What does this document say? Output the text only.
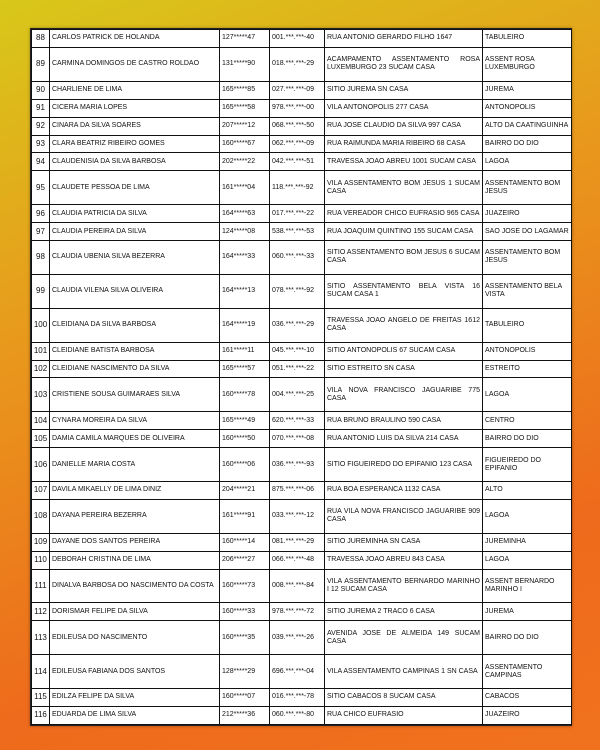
88	CARLOS PATRICK DE HOLANDA	127*****47	001.***.***-40	RUA ANTONIO GERARDO FILHO 1647	TABULEIRO
89	CARMINA DOMINGOS DE CASTRO ROLDAO	131*****90	018.***.***-29	ACAMPAMENTO ASSENTAMENTO ROSA LUXEMBURGO 23 SUCAM CASA	ASSENT ROSA LUXEMBURGO
90	CHARLIENE DE LIMA	165*****85	027.***.***-09	SITIO JUREMA SN CASA	JUREMA
91	CICERA MARIA LOPES	165*****58	978.***.***-00	VILA ANTONOPOLIS 277 CASA	ANTONOPOLIS
92	CINARA DA SILVA SOARES	207*****12	068.***.***-50	RUA JOSE CLAUDIO DA SILVA 997 CASA	ALTO DA CAATINGUINHA
93	CLARA BEATRIZ RIBEIRO GOMES	160*****67	062.***.***-09	RUA RAIMUNDA MARIA RIBEIRO 68 CASA	BAIRRO DO DIO
94	CLAUDENISIA DA SILVA BARBOSA	202*****22	042.***.***-51	TRAVESSA JOAO ABREU 1001 SUCAM CASA	LAGOA
95	CLAUDETE PESSOA DE LIMA	161*****04	118.***.***-92	VILA ASSENTAMENTO BOM JESUS 1 SUCAM CASA	ASSENTAMENTO BOM JESUS
96	CLAUDIA PATRICIA DA SILVA	164*****63	017.***.***-22	RUA VEREADOR CHICO EUFRASIO 965 CASA	JUAZEIRO
97	CLAUDIA PEREIRA DA SILVA	124*****08	538.***.***-53	RUA JOAQUIM QUINTINO 155 SUCAM CASA	SAO JOSE DO LAGAMAR
98	CLAUDIA UBENIA SILVA BEZERRA	164*****33	060.***.***-33	SITIO ASSENTAMENTO BOM JESUS 6 SUCAM CASA	ASSENTAMENTO BOM JESUS
99	CLAUDIA VILENA SILVA OLIVEIRA	164*****13	078.***.***-92	SITIO ASSENTAMENTO BELA VISTA 16 SUCAM CASA 1	ASSENTAMENTO BELA VISTA
100	CLEIDIANA DA SILVA BARBOSA	164*****19	036.***.***-29	TRAVESSA JOAO ANGELO DE FREITAS 1612 CASA	TABULEIRO
101	CLEIDIANE BATISTA BARBOSA	161*****11	045.***.***-10	SITIO ANTONOPOLIS 67 SUCAM CASA	ANTONOPOLIS
102	CLEIDIANE NASCIMENTO DA SILVA	165*****57	051.***.***-22	SITIO ESTREITO SN CASA	ESTREITO
103	CRISTIENE SOUSA GUIMARAES SILVA	160*****78	004.***.***-25	VILA NOVA FRANCISCO JAGUARIBE 775 CASA	LAGOA
104	CYNARA MOREIRA DA SILVA	165*****49	620.***.***-33	RUA BRUNO BRAULINO 590 CASA	CENTRO
105	DAMIA CAMILA MARQUES DE OLIVEIRA	160*****50	070.***.***-08	RUA ANTONIO LUIS DA SILVA 214 CASA	BAIRRO DO DIO
106	DANIELLE MARIA COSTA	160*****06	036.***.***-93	SITIO FIGUEIREDO DO EPIFANIO 123 CASA	FIGUEIREDO DO EPIFANIO
107	DAVILA MIKAELLY DE LIMA DINIZ	204*****21	875.***.***-06	RUA BOA ESPERANCA 1132 CASA	ALTO
108	DAYANA PEREIRA BEZERRA	161*****91	033.***.***-12	RUA VILA NOVA FRANCISCO JAGUARIBE 909 CASA	LAGOA
109	DAYANE DOS SANTOS PEREIRA	160*****14	081.***.***-29	SITIO JUREMINHA SN CASA	JUREMINHA
110	DEBORAH CRISTINA DE LIMA	206*****27	066.***.***-48	TRAVESSA JOAO ABREU 843 CASA	LAGOA
111	DINALVA BARBOSA DO NASCIMENTO DA COSTA	160*****73	008.***.***-84	VILA ASSENTAMENTO BERNARDO MARINHO I 12 SUCAM CASA	ASSENT BERNARDO MARINHO I
112	DORISMAR FELIPE DA SILVA	160*****33	978.***.***-72	SITIO JUREMA 2 TRACO 6 CASA	JUREMA
113	EDILEUSA DO NASCIMENTO	160*****35	039.***.***-26	AVENIDA JOSE DE ALMEIDA 149 SUCAM CASA	BAIRRO DO DIO
114	EDILEUSA FABIANA DOS SANTOS	128*****29	696.***.***-04	VILA ASSENTAMENTO CAMPINAS 1 SN CASA	ASSENTAMENTO CAMPINAS
115	EDILZA FELIPE DA SILVA	160*****07	016.***.***-78	SITIO CABACOS 8 SUCAM CASA	CABACOS
116	EDUARDA DE LIMA SILVA	212*****36	060.***.***-80	RUA CHICO EUFRASIO	JUAZEIRO
